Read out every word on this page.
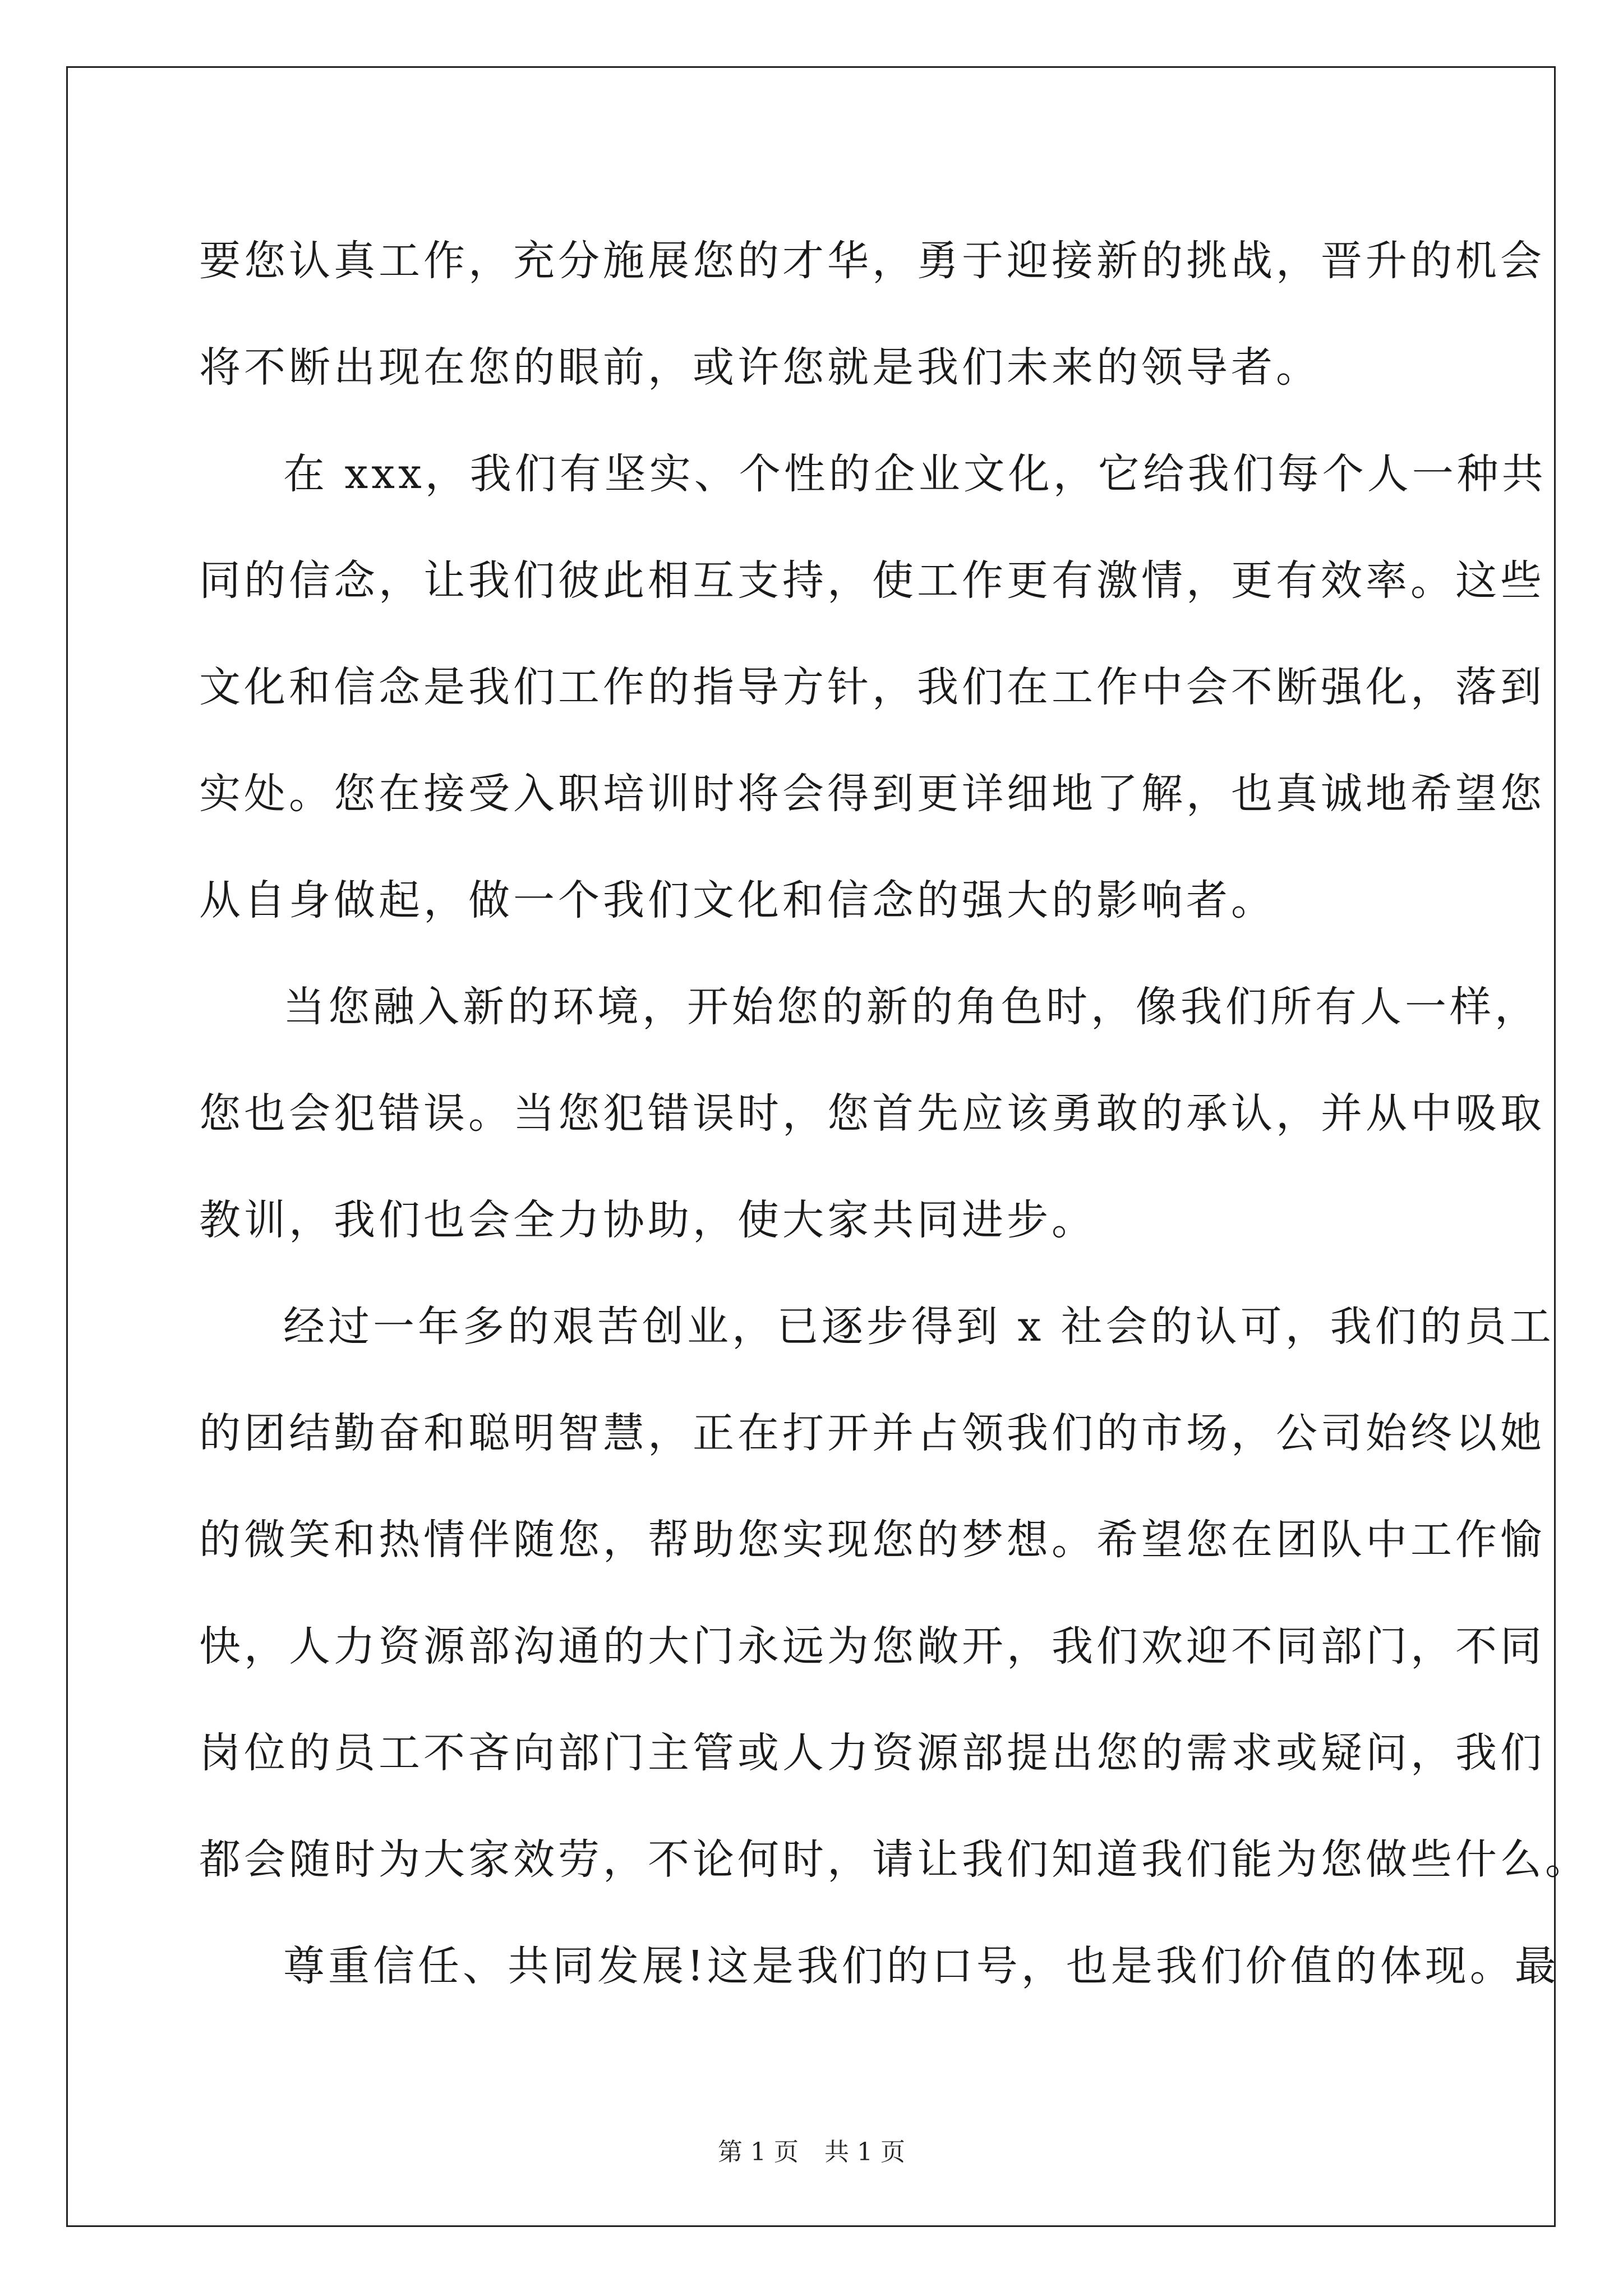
要您认真工作，充分施展您的才华，勇于迎接新的挑战，晋升的机会
将不断出现在您的眼前，或许您就是我们未来的领导者。
在 xxx，我们有坚实、个性的企业文化，它给我们每个人一种共
同的信念，让我们彼此相互支持，使工作更有激情，更有效率。这些
文化和信念是我们工作的指导方针，我们在工作中会不断强化，落到
实处。您在接受入职培训时将会得到更详细地了解，也真诚地希望您
从自身做起，做一个我们文化和信念的强大的影响者。
当您融入新的环境，开始您的新的角色时，像我们所有人一样，
您也会犯错误。当您犯错误时，您首先应该勇敢的承认，并从中吸取
教训，我们也会全力协助，使大家共同进步。
经过一年多的艰苦创业，已逐步得到 x 社会的认可，我们的员工
的团结勤奋和聪明智慧，正在打开并占领我们的市场，公司始终以她
的微笑和热情伴随您，帮助您实现您的梦想。希望您在团队中工作愉
快，人力资源部沟通的大门永远为您敞开，我们欢迎不同部门，不同
岗位的员工不吝向部门主管或人力资源部提出您的需求或疑问，我们
都会随时为大家效劳，不论何时，请让我们知道我们能为您做些什么。
尊重信任、共同发展!这是我们的口号，也是我们价值的体现。最
第 1 页 共 1 页
